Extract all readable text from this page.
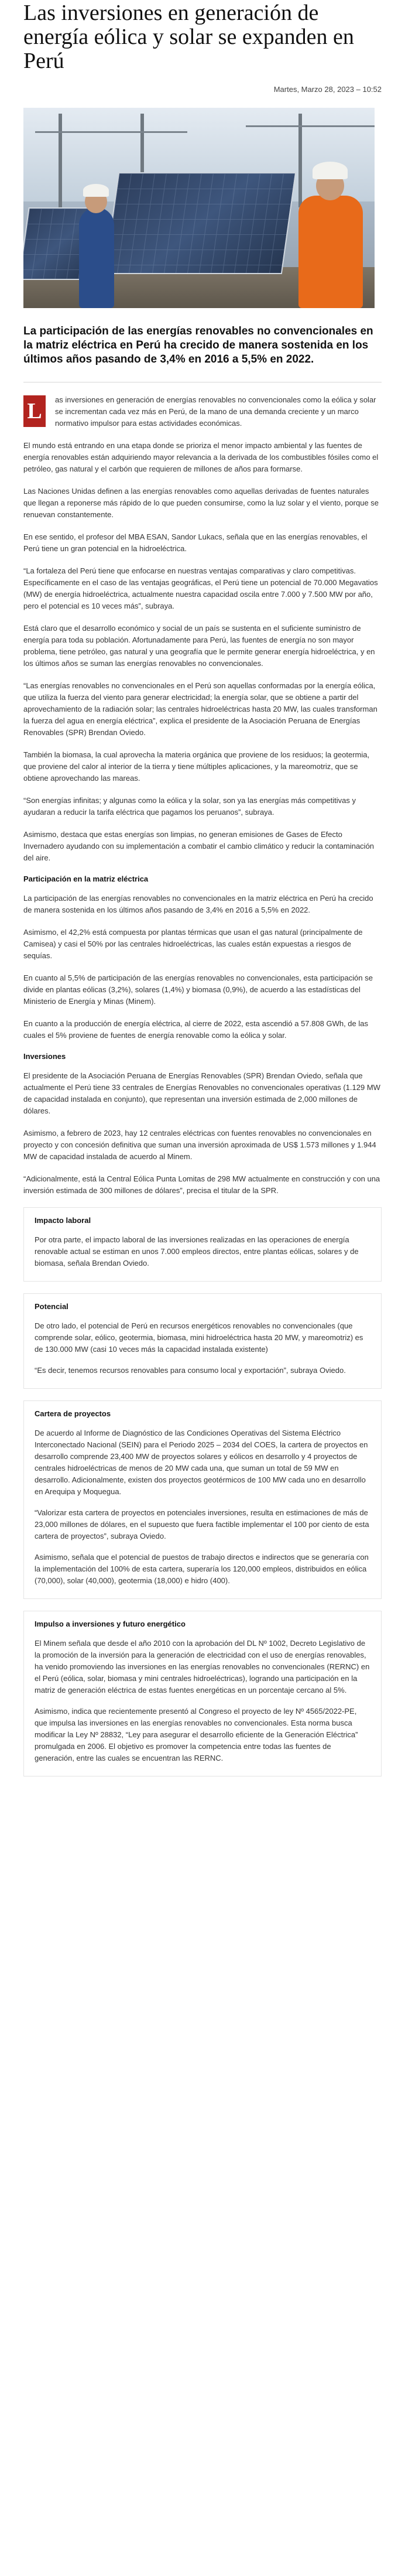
Las inversiones en generación de energía eólica y solar se expanden en Perú
Martes, Marzo 28, 2023 – 10:52

La participación de las energías renovables no convencionales en la matriz eléctrica en Perú ha crecido de manera sostenida en los últimos años pasando de 3,4% en 2016 a 5,5% en 2022.

L	as inversiones en generación de energías renovables no convencionales como la eólica y solar se incrementan cada vez más en Perú, de la mano de una demanda creciente y un marco normativo impulsor para estas actividades económicas.

El mundo está entrando en una etapa donde se prioriza el menor impacto ambiental y las fuentes de energía renovables están adquiriendo mayor relevancia a la derivada de los combustibles fósiles como el petróleo, gas natural y el carbón que requieren de millones de años para formarse.

Las Naciones Unidas definen a las energías renovables como aquellas derivadas de fuentes naturales que llegan a reponerse más rápido de lo que pueden consumirse, como la luz solar y el viento, porque se renuevan constantemente.

En ese sentido, el profesor del MBA ESAN, Sandor Lukacs, señala que en las energías renovables, el Perú tiene un gran potencial en la hidroeléctrica.

“La fortaleza del Perú tiene que enfocarse en nuestras ventajas comparativas y claro competitivas. Específicamente en el caso de las ventajas geográficas, el Perú tiene un potencial de 70.000 Megavatios (MW) de energía hidroeléctrica, actualmente nuestra capacidad oscila entre 7.000 y 7.500 MW por año, pero el potencial es 10 veces más”, subraya.

Está claro que el desarrollo económico y social de un país se sustenta en el suficiente suministro de energía para toda su población. Afortunadamente para Perú, las fuentes de energía no son mayor problema, tiene petróleo, gas natural y una geografía que le permite generar energía hidroeléctrica, y en los últimos años se suman las energías renovables no convencionales.

“Las energías renovables no convencionales en el Perú son aquellas conformadas por la energía eólica, que utiliza la fuerza del viento para generar electricidad; la energía solar, que se obtiene a partir del aprovechamiento de la radiación solar; las centrales hidroeléctricas hasta 20 MW, las cuales transforman la fuerza del agua en energía eléctrica”, explica el presidente de la Asociación Peruana de Energías Renovables (SPR) Brendan Oviedo.

También la biomasa, la cual aprovecha la materia orgánica que proviene de los residuos; la geotermia, que proviene del calor al interior de la tierra y tiene múltiples aplicaciones, y la mareomotriz, que se obtiene aprovechando las mareas.

“Son energías infinitas; y algunas como la eólica y la solar, son ya las energías más competitivas y ayudaran a reducir la tarifa eléctrica que pagamos los peruanos”, subraya.

Asimismo, destaca que estas energías son limpias, no generan emisiones de Gases de Efecto Invernadero ayudando con su implementación a combatir el cambio climático y reducir la contaminación del aire.

Participación en la matriz eléctrica

La participación de las energías renovables no convencionales en la matriz eléctrica en Perú ha crecido de manera sostenida en los últimos años pasando de 3,4% en 2016 a 5,5% en 2022.

Asimismo, el 42,2% está compuesta por plantas térmicas que usan el gas natural (principalmente de Camisea) y casi el 50% por las centrales hidroeléctricas, las cuales están expuestas a riesgos de sequías.

En cuanto al 5,5% de participación de las energías renovables no convencionales, esta participación se divide en plantas eólicas (3,2%), solares (1,4%) y biomasa (0,9%), de acuerdo a las estadísticas del Ministerio de Energía y Minas (Minem).

En cuanto a la producción de energía eléctrica, al cierre de 2022, esta ascendió a 57.808 GWh, de las cuales el 5% proviene de fuentes de energía renovable como la eólica y solar.

Inversiones

El presidente de la Asociación Peruana de Energías Renovables (SPR) Brendan Oviedo, señala que actualmente el Perú tiene 33 centrales de Energías Renovables no convencionales operativas (1.129 MW de capacidad instalada en conjunto), que representan una inversión estimada de 2,000 millones de dólares.

Asimismo, a febrero de 2023, hay 12 centrales eléctricas con fuentes renovables no convencionales en proyecto y con concesión definitiva que suman una inversión aproximada de US$ 1.573 millones y 1.944 MW de capacidad instalada de acuerdo al Minem.

“Adicionalmente, está la Central Eólica Punta Lomitas de 298 MW actualmente en construcción y con una inversión estimada de 300 millones de dólares”, precisa el titular de la SPR.

Impacto laboral

Por otra parte, el impacto laboral de las inversiones realizadas en las operaciones de energía renovable actual se estiman en unos 7.000 empleos directos, entre plantas eólicas, solares y de biomasa, señala Brendan Oviedo.

Potencial

De otro lado, el potencial de Perú en recursos energéticos renovables no convencionales (que comprende solar, eólico, geotermia, biomasa, mini hidroeléctrica hasta 20 MW, y mareomotriz) es de 130.000 MW (casi 10 veces más la capacidad instalada existente)

“Es decir, tenemos recursos renovables para consumo local y exportación”, subraya Oviedo.

Cartera de proyectos

De acuerdo al Informe de Diagnóstico de las Condiciones Operativas del Sistema Eléctrico Interconectado Nacional (SEIN) para el Periodo 2025 – 2034 del COES, la cartera de proyectos en desarrollo comprende 23,400 MW de proyectos solares y eólicos en desarrollo y 4 proyectos de centrales hidroeléctricas de menos de 20 MW cada una, que suman un total de 59 MW en desarrollo. Adicionalmente, existen dos proyectos geotérmicos de 100 MW cada uno en desarrollo en Arequipa y Moquegua.

“Valorizar esta cartera de proyectos en potenciales inversiones, resulta en estimaciones de más de 23,000 millones de dólares, en el supuesto que fuera factible implementar el 100 por ciento de esta cartera de proyectos”, subraya Oviedo.

Asimismo, señala que el potencial de puestos de trabajo directos e indirectos que se generaría con la implementación del 100% de esta cartera, superaría los 120,000 empleos, distribuidos en eólica (70,000), solar (40,000), geotermia (18,000) e hidro (400).

Impulso a inversiones y futuro energético

El Minem señala que desde el año 2010 con la aprobación del DL Nº 1002, Decreto Legislativo de la promoción de la inversión para la generación de electricidad con el uso de energías renovables, ha venido promoviendo las inversiones en las energías renovables no convencionales (RERNC) en el Perú (eólica, solar, biomasa y mini centrales hidroeléctricas), logrando una participación en la matriz de generación eléctrica de estas fuentes energéticas en un porcentaje cercano al 5%.

Asimismo, indica que recientemente presentó al Congreso el proyecto de ley Nº 4565/2022-PE, que impulsa las inversiones en las energías renovables no convencionales. Esta norma busca modificar la Ley Nº 28832, “Ley para asegurar el desarrollo eficiente de la Generación Eléctrica” promulgada en 2006. El objetivo es promover la competencia entre todas las fuentes de generación, entre las cuales se encuentran las RERNC.
